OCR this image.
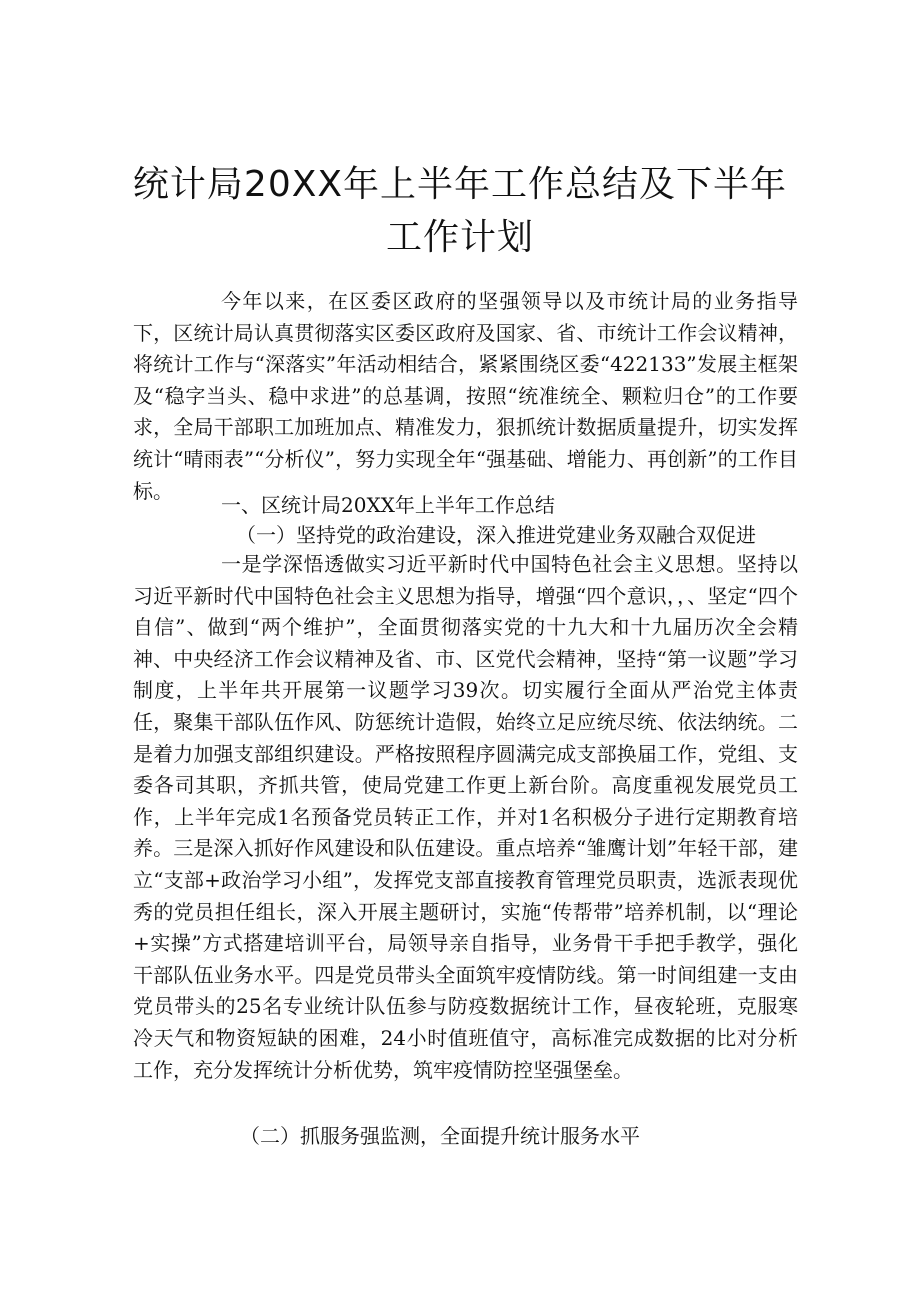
统计局20XX年上半年工作总结及下半年
工作计划

今年以来，在区委区政府的坚强领导以及市统计局的业务指导下，区统计局认真贯彻落实区委区政府及国家、省、市统计工作会议精神，将统计工作与“深落实”年活动相结合，紧紧围绕区委“422133”发展主框架及“稳字当头、稳中求进”的总基调，按照“统准统全、颗粒归仓”的工作要求，全局干部职工加班加点、精准发力，狠抓统计数据质量提升，切实发挥统计“晴雨表”“分析仪”，努力实现全年“强基础、增能力、再创新”的工作目标。

一、区统计局20XX年上半年工作总结

（一）坚持党的政治建设，深入推进党建业务双融合双促进

一是学深悟透做实习近平新时代中国特色社会主义思想。坚持以习近平新时代中国特色社会主义思想为指导，增强“四个意识，，、坚定“四个自信”、做到“两个维护”，全面贯彻落实党的十九大和十九届历次全会精神、中央经济工作会议精神及省、市、区党代会精神，坚持“第一议题”学习制度，上半年共开展第一议题学习39次。切实履行全面从严治党主体责任，聚集干部队伍作风、防惩统计造假，始终立足应统尽统、依法纳统。二是着力加强支部组织建设。严格按照程序圆满完成支部换届工作，党组、支委各司其职，齐抓共管，使局党建工作更上新台阶。高度重视发展党员工作，上半年完成1名预备党员转正工作，并对1名积极分子进行定期教育培养。三是深入抓好作风建设和队伍建设。重点培养“雏鹰计划”年轻干部，建立“支部+政治学习小组”，发挥党支部直接教育管理党员职责，选派表现优秀的党员担任组长，深入开展主题研讨，实施“传帮带”培养机制，以“理论+实操”方式搭建培训平台，局领导亲自指导，业务骨干手把手教学，强化干部队伍业务水平。四是党员带头全面筑牢疫情防线。第一时间组建一支由党员带头的25名专业统计队伍参与防疫数据统计工作，昼夜轮班，克服寒冷天气和物资短缺的困难，24小时值班值守，高标准完成数据的比对分析工作，充分发挥统计分析优势，筑牢疫情防控坚强堡垒。

（二）抓服务强监测，全面提升统计服务水平
